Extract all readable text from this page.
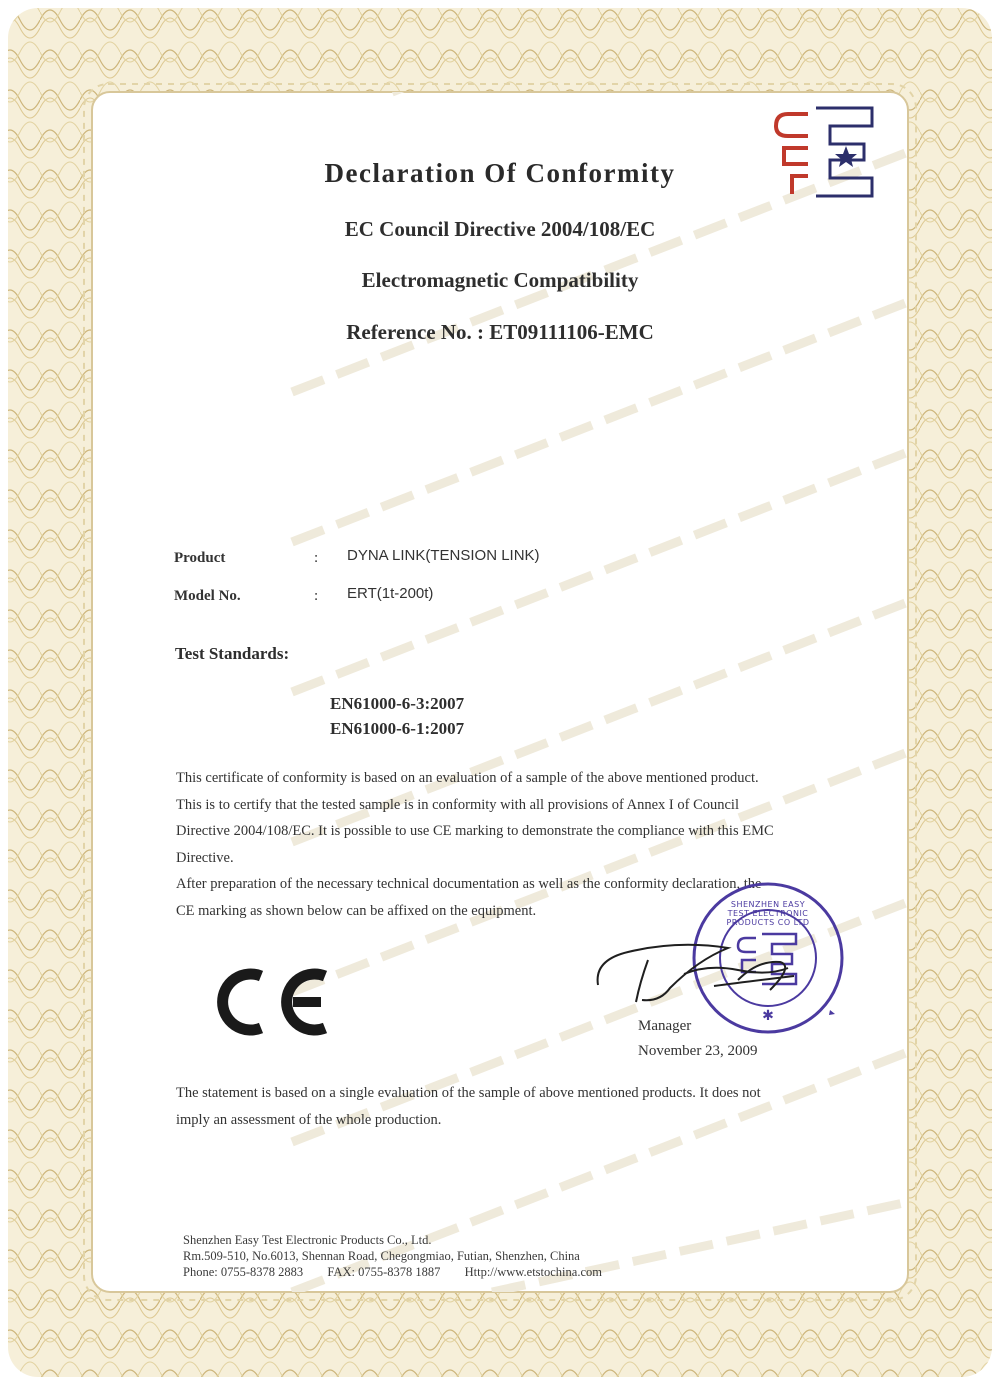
Declaration Of Conformity
EC Council Directive 2004/108/EC
Electromagnetic Compatibility
Reference No. : ET09111106-EMC
Product	: DYNA LINK(TENSION LINK)
Model No.	: ERT(1t-200t)
Test Standards:
EN61000-6-3:2007
EN61000-6-1:2007
This certificate of conformity is based on an evaluation of a sample of the above mentioned product.
This is to certify that the tested sample is in conformity with all provisions of Annex I of Council
Directive 2004/108/EC. It is possible to use CE marking to demonstrate the compliance with this EMC
Directive.
After preparation of the necessary technical documentation as well as the conformity declaration, the
CE marking as shown below can be affixed on the equipment.
✱
SHENZHEN EASY TEST ELECTRONIC PRODUCTS CO LTD
Manager
November 23, 2009
The statement is based on a single evaluation of the sample of above mentioned products. It does not
imply an assessment of the whole production.
Shenzhen Easy Test Electronic Products Co., Ltd.
Rm.509-510, No.6013, Shennan Road, Chegongmiao, Futian, Shenzhen, China
Phone: 0755-8378 2883 FAX: 0755-8378 1887 Http://www.etstochina.com
